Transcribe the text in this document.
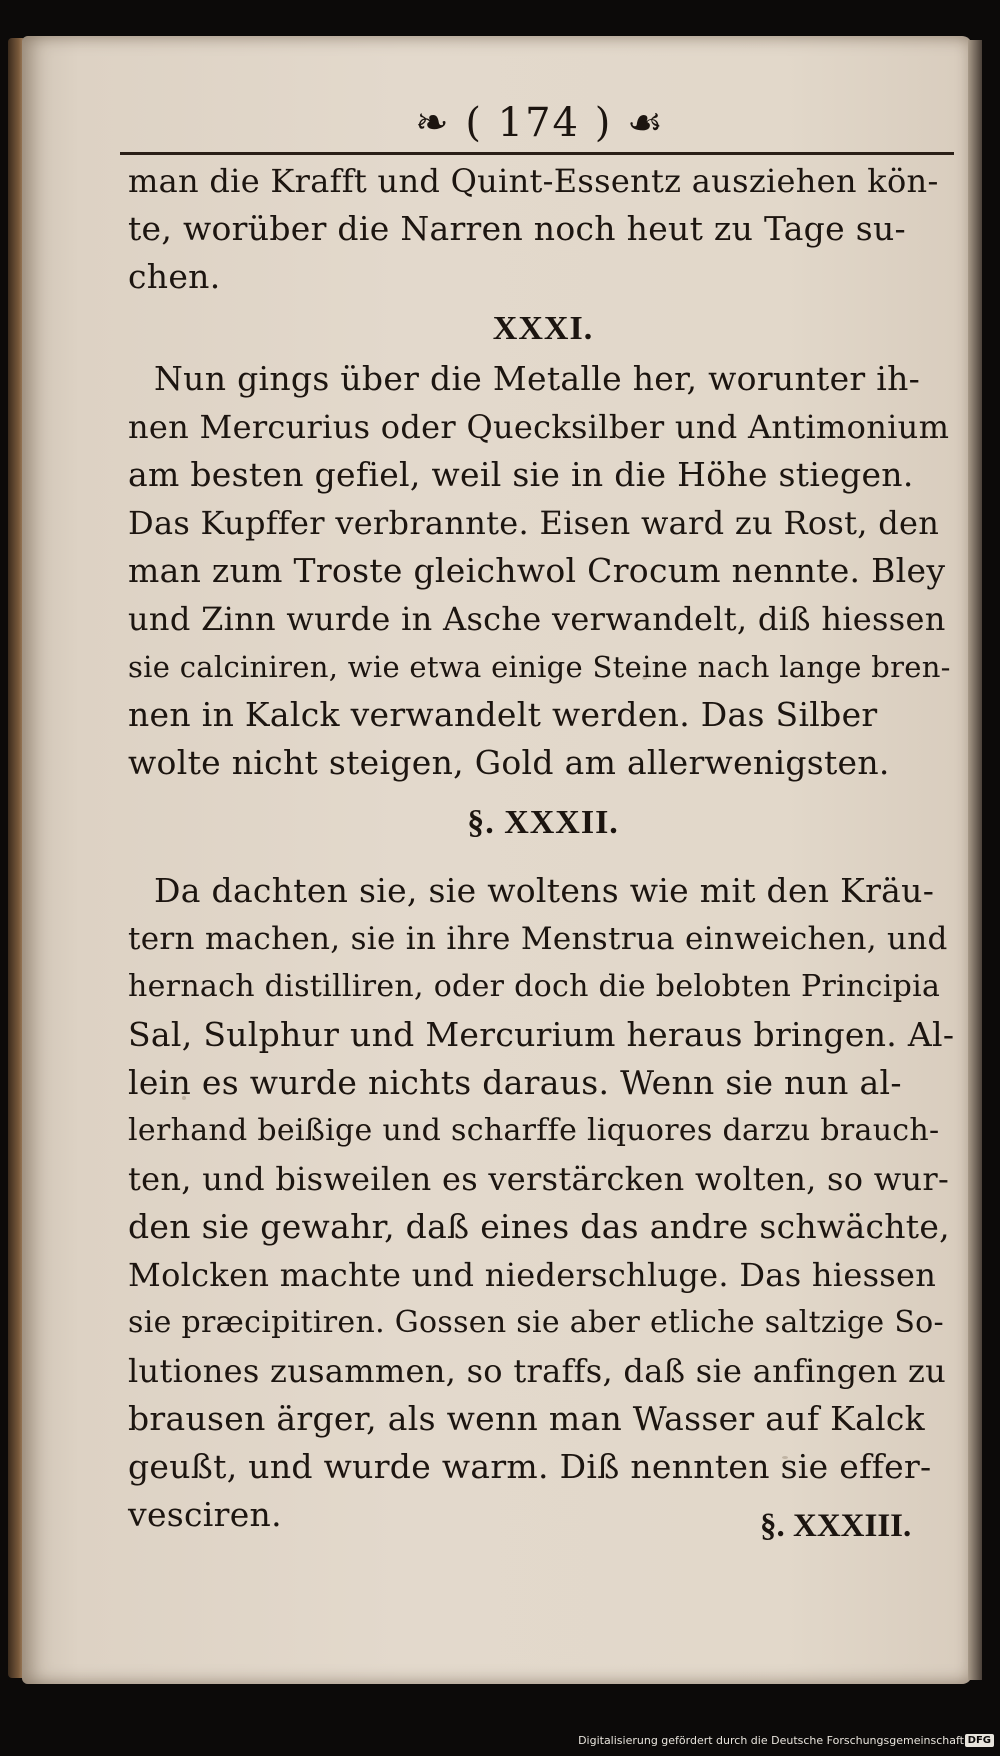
❧ ( 174 ) ☙
man die Krafft und Quint-Essentz ausziehen kön-
te, worüber die Narren noch heut zu Tage su-
chen.
XXXI.
Nun gings über die Metalle her, worunter ih-
nen Mercurius oder Quecksilber und Antimonium
am besten gefiel, weil sie in die Höhe stiegen.
Das Kupffer verbrannte. Eisen ward zu Rost, den
man zum Troste gleichwol Crocum nennte. Bley
und Zinn wurde in Asche verwandelt, diß hiessen
sie calciniren, wie etwa einige Steine nach lange bren-
nen in Kalck verwandelt werden. Das Silber
wolte nicht steigen, Gold am allerwenigsten.
§. XXXII.
Da dachten sie, sie woltens wie mit den Kräu-
tern machen, sie in ihre Menstrua einweichen, und
hernach distilliren, oder doch die belobten Principia
Sal, Sulphur und Mercurium heraus bringen. Al-
lein es wurde nichts daraus. Wenn sie nun al-
lerhand beißige und scharffe liquores darzu brauch-
ten, und bisweilen es verstärcken wolten, so wur-
den sie gewahr, daß eines das andre schwächte,
Molcken machte und niederschluge. Das hiessen
sie præcipitiren. Gossen sie aber etliche saltzige So-
lutiones zusammen, so traffs, daß sie anfingen zu
brausen ärger, als wenn man Wasser auf Kalck
geußt, und wurde warm. Diß nennten sie effer-
vesciren.	§. XXXIII.
Digitalisierung gefördert durch die Deutsche Forschungsgemeinschaft DFG
